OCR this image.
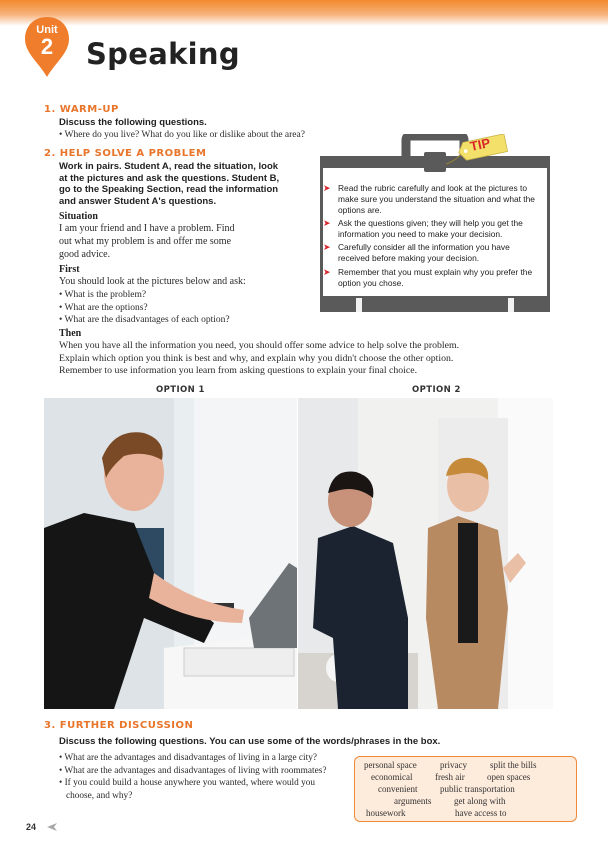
Unit
2	Speaking
1. WARM-UP
Discuss the following questions.
• Where do you live? What do you like or dislike about the area?
2. HELP SOLVE A PROBLEM
Work in pairs. Student A, read the situation, look
at the pictures and ask the questions. Student B,
go to the Speaking Section, read the information
and answer Student A's questions.
Situation
I am your friend and I have a problem. Find
out what my problem is and offer me some
good advice.
First
You should look at the pictures below and ask:
• What is the problem?
• What are the options?
• What are the disadvantages of each option?
Then
When you have all the information you need, you should offer some advice to help solve the problem.
Explain which option you think is best and why, and explain why you didn't choose the other option.
Remember to use information you learn from asking questions to explain your final choice.
TIP
➤ Read the rubric carefully and look at the pictures to
make sure you understand the situation and what the
options are.
➤ Ask the questions given; they will help you get the
information you need to make your decision.
➤ Carefully consider all the information you have
received before making your decision.
➤ Remember that you must explain why you prefer the
option you chose.
OPTION 1	OPTION 2
3. FURTHER DISCUSSION
Discuss the following questions. You can use some of the words/phrases in the box.
• What are the advantages and disadvantages of living in a large city?
• What are the advantages and disadvantages of living with roommates?
• If you could build a house anywhere you wanted, where would you
choose, and why?
personal space	privacy	split the bills
economical	fresh air open spaces
convenient	public transportation
arguments	get along with
housework	have access to
24
